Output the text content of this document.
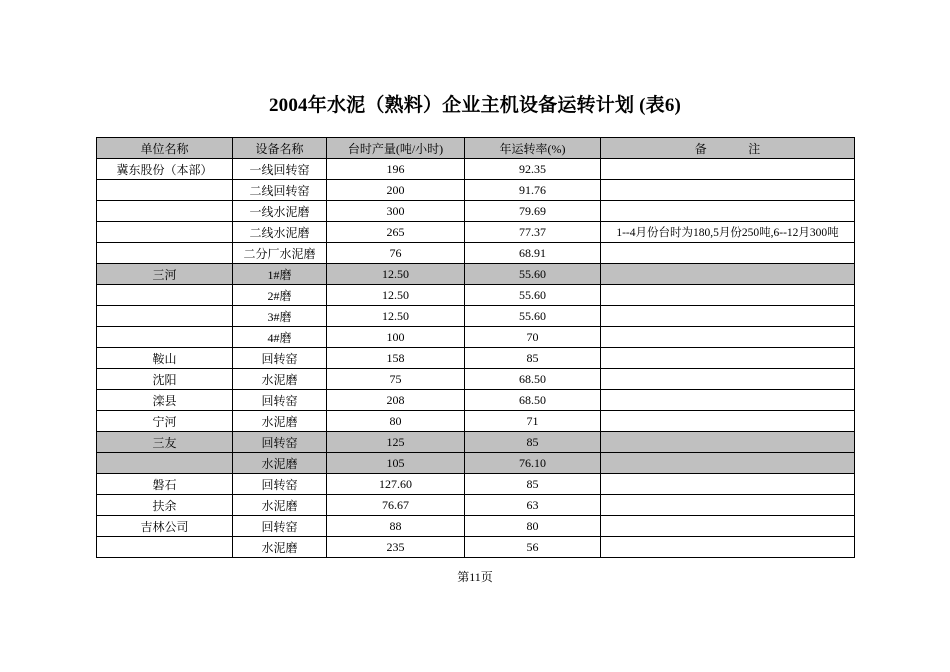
2004年水泥（熟料）企业主机设备运转计划 (表6)
单位名称	设备名称	台时产量(吨/小时)	年运转率(%)	备 注

冀东股份（本部）	一线回转窑	196	92.35	
	二线回转窑	200	91.76	
	一线水泥磨	300	79.69	
	二线水泥磨	265	77.37	1--4月份台时为180,5月份250吨,6--12月300吨
	二分厂水泥磨	76	68.91	
三河	1#磨	12.50	55.60	
	2#磨	12.50	55.60	
	3#磨	12.50	55.60	
	4#磨	100	70	
鞍山	回转窑	158	85	
沈阳	水泥磨	75	68.50	
滦县	回转窑	208	68.50	
宁河	水泥磨	80	71	
三友	回转窑	125	85	
	水泥磨	105	76.10	
磐石	回转窑	127.60	85	
扶余	水泥磨	76.67	63	
吉林公司	回转窑	88	80	
	水泥磨	235	56	
第11页
